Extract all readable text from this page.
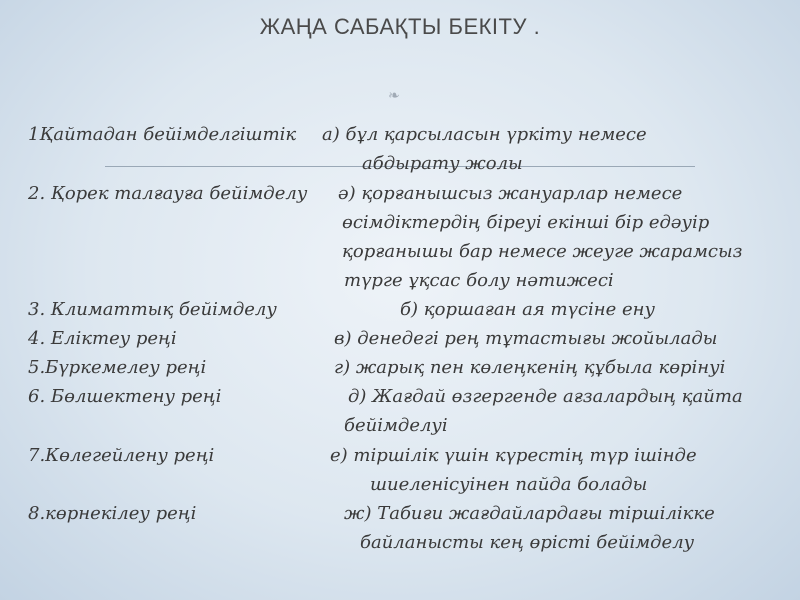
ЖАҢА САБАҚТЫ БЕКІТУ .
❧
1Қайтадан бейімделгіштік
2. Қорек талғауға бейімделу
3. Климаттық бейімделу
4. Еліктеу реңі
5.Бүркемелеу реңі
6. Бөлшектену реңі
7.Көлегейлену реңі
8.көрнекілеу реңі
а) бұл қарсыласын үркіту немесе
абдырату жолы
ә) қорғанышсыз жануарлар немесе
өсімдіктердің біреуі екінші бір едәуір
қорғанышы бар немесе жеуге жарамсыз
түрге ұқсас болу нәтижесі
б) қоршаған ая түсіне ену
в) денедегі рең тұтастығы жойылады
г) жарық пен көлеңкенің құбыла көрінуі
д) Жағдай өзгергенде ағзалардың қайта
бейімделуі
е) тіршілік үшін күрестің түр ішінде
шиеленісуінен пайда болады
ж) Табиғи жағдайлардағы тіршілікке
байланысты кең өрісті бейімделу
